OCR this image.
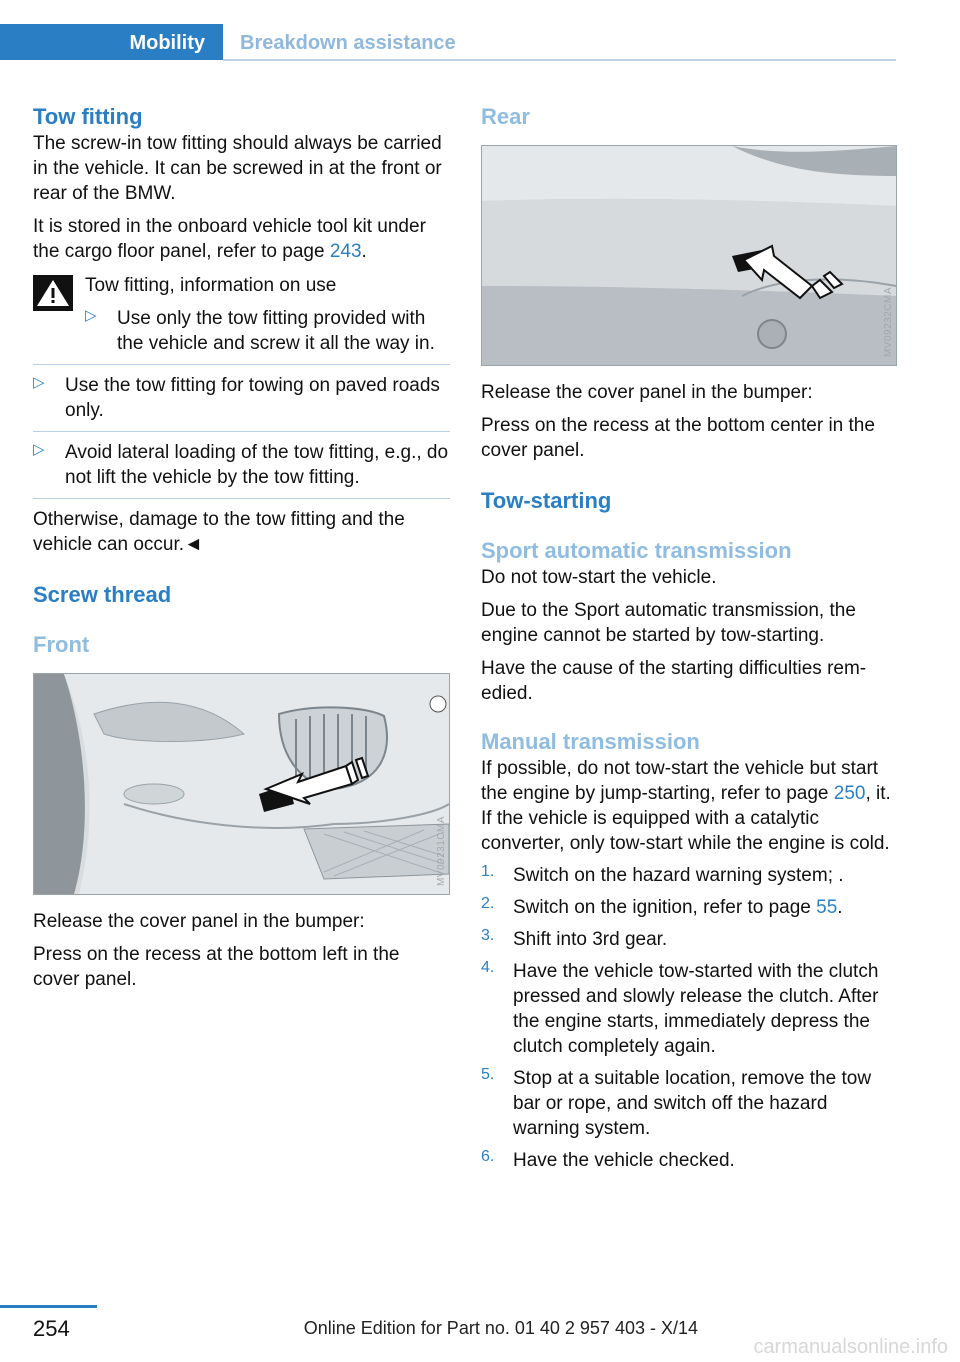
Mobility	Breakdown assistance
Tow fitting

The screw-in tow fitting should always be carried in the vehicle. It can be screwed in at the front or rear of the BMW.

It is stored in the onboard vehicle tool kit under the cargo floor panel, refer to page 243.

Tow fitting, information on use

▷ Use only the tow fitting provided with the vehicle and screw it all the way in.

▷ Use the tow fitting for towing on paved roads only.

▷ Avoid lateral loading of the tow fitting, e.g., do not lift the vehicle by the tow fitting.

Otherwise, damage to the tow fitting and the vehicle can occur.◄

Screw thread
Front
MV09231CMA

Release the cover panel in the bumper:

Press on the recess at the bottom left in the cover panel.

Rear
MV09232CMA

Release the cover panel in the bumper:

Press on the recess at the bottom center in the cover panel.

Tow-starting
Sport automatic transmission

Do not tow-start the vehicle.

Due to the Sport automatic transmission, the engine cannot be started by tow-starting.

Have the cause of the starting difficulties remedied.

Manual transmission

If possible, do not tow-start the vehicle but start the engine by jump-starting, refer to page 250, it. If the vehicle is equipped with a catalytic converter, only tow-start while the engine is cold.

1. Switch on the hazard warning system; .

2. Switch on the ignition, refer to page 55.

3. Shift into 3rd gear.

4. Have the vehicle tow-started with the clutch pressed and slowly release the clutch. After the engine starts, immediately depress the clutch completely again.

5. Stop at a suitable location, remove the tow bar or rope, and switch off the hazard warning system.

6. Have the vehicle checked.

254	Online Edition for Part no. 01 40 2 957 403 - X/14
carmanualsonline.info
